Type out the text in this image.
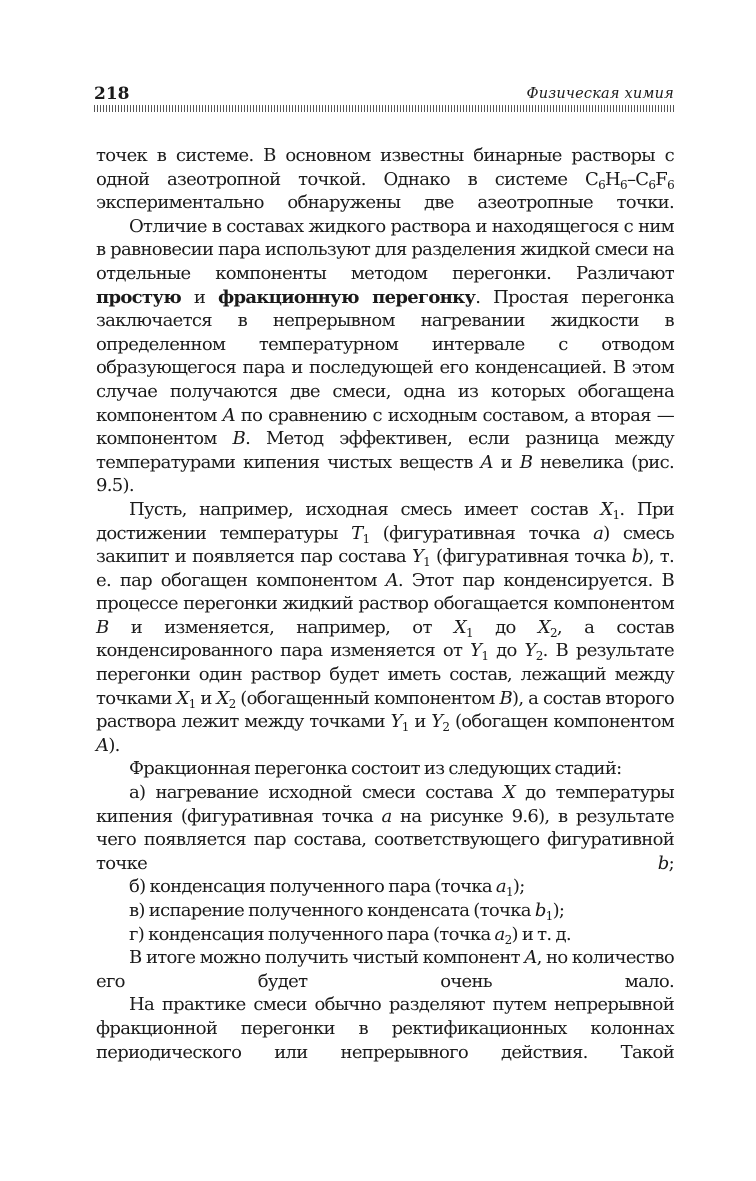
218	Физическая химия

точек в системе. В основном известны бинарные растворы с одной азеотропной точкой. Однако в системе $C_6H_6-C_6F_6$ экспериментально обнаружены две азеотропные точки.

Отличие в составах жидкого раствора и находящегося с ним в равновесии пара используют для разделения жидкой смеси на отдельные компоненты методом перегонки. Различают простую и фракционную перегонку. Простая перегонка заключается в непрерывном нагревании жидкости в определенном температурном интервале с отводом образующегося пара и последующей его конденсацией. В этом случае получаются две смеси, одна из которых обогащена компонентом A по сравнению с исходным составом, а вторая — компонентом B. Метод эффективен, если разница между температурами кипения чистых веществ A и B невелика (рис. 9.5).

Пусть, например, исходная смесь имеет состав $X_1$. При достижении температуры $T_1$ (фигуративная точка a) смесь закипит и появляется пар состава $Y_1$ (фигуративная точка b), т. е. пар обогащен компонентом A. Этот пар конденсируется. В процессе перегонки жидкий раствор обогащается компонентом B и изменяется, например, от $X_1$ до $X_2$, а состав конденсированного пара изменяется от $Y_1$ до $Y_2$. В результате перегонки один раствор будет иметь состав, лежащий между точками $X_1$ и $X_2$ (обогащенный компонентом B), а состав второго раствора лежит между точками $Y_1$ и $Y_2$ (обогащен компонентом A).

Фракционная перегонка состоит из следующих стадий:

а) нагревание исходной смеси состава X до температуры кипения (фигуративная точка a на рисунке 9.6), в результате чего появляется пар состава, соответствующего фигуративной точке b;

б) конденсация полученного пара (точка $a_1$);

в) испарение полученного конденсата (точка $b_1$);

г) конденсация полученного пара (точка $a_2$) и т. д.

В итоге можно получить чистый компонент A, но количество его будет очень мало.

На практике смеси обычно разделяют путем непрерывной фракционной перегонки в ректификационных колоннах периодического или непрерывного действия. Такой
